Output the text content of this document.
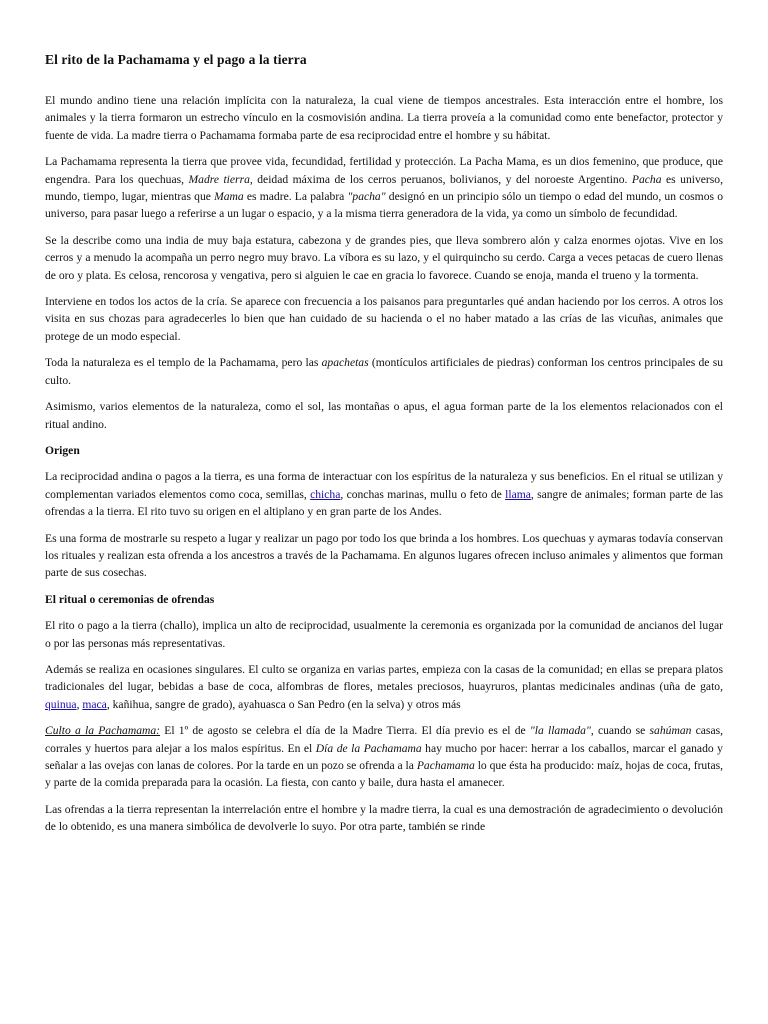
El rito de la Pachamama y el pago a la tierra

El mundo andino tiene una relación implícita con la naturaleza, la cual viene de tiempos ancestrales. Esta interacción entre el hombre, los animales y la tierra formaron un estrecho vínculo en la cosmovisión andina. La tierra proveía a la comunidad como ente benefactor, protector y fuente de vida. La madre tierra o Pachamama formaba parte de esa reciprocidad entre el hombre y su hábitat.

La Pachamama representa la tierra que provee vida, fecundidad, fertilidad y protección. La Pacha Mama, es un dios femenino, que produce, que engendra. Para los quechuas, Madre tierra, deidad máxima de los cerros peruanos, bolivianos, y del noroeste Argentino. Pacha es universo, mundo, tiempo, lugar, mientras que Mama es madre. La palabra "pacha" designó en un principio sólo un tiempo o edad del mundo, un cosmos o universo, para pasar luego a referirse a un lugar o espacio, y a la misma tierra generadora de la vida, ya como un símbolo de fecundidad.

Se la describe como una india de muy baja estatura, cabezona y de grandes pies, que lleva sombrero alón y calza enormes ojotas. Vive en los cerros y a menudo la acompaña un perro negro muy bravo. La víbora es su lazo, y el quirquincho su cerdo. Carga a veces petacas de cuero llenas de oro y plata. Es celosa, rencorosa y vengativa, pero si alguien le cae en gracia lo favorece. Cuando se enoja, manda el trueno y la tormenta.

Interviene en todos los actos de la cría. Se aparece con frecuencia a los paisanos para preguntarles qué andan haciendo por los cerros. A otros los visita en sus chozas para agradecerles lo bien que han cuidado de su hacienda o el no haber matado a las crías de las vicuñas, animales que protege de un modo especial.

Toda la naturaleza es el templo de la Pachamama, pero las apachetas (montículos artificiales de piedras) conforman los centros principales de su culto.

Asimismo, varios elementos de la naturaleza, como el sol, las montañas o apus, el agua forman parte de la los elementos relacionados con el ritual andino.

Origen

La reciprocidad andina o pagos a la tierra, es una forma de interactuar con los espíritus de la naturaleza y sus beneficios. En el ritual se utilizan y complementan variados elementos como coca, semillas, chicha, conchas marinas, mullu o feto de llama, sangre de animales; forman parte de las ofrendas a la tierra. El rito tuvo su origen en el altiplano y en gran parte de los Andes.

Es una forma de mostrarle su respeto a lugar y realizar un pago por todo los que brinda a los hombres. Los quechuas y aymaras todavía conservan los rituales y realizan esta ofrenda a los ancestros a través de la Pachamama. En algunos lugares ofrecen incluso animales y alimentos que forman parte de sus cosechas.

El ritual o ceremonias de ofrendas

El rito o pago a la tierra (challo), implica un alto de reciprocidad, usualmente la ceremonia es organizada por la comunidad de ancianos del lugar o por las personas más representativas.

Además se realiza en ocasiones singulares. El culto se organiza en varias partes, empieza con la casas de la comunidad; en ellas se prepara platos tradicionales del lugar, bebidas a base de coca, alfombras de flores, metales preciosos, huayruros, plantas medicinales andinas (uña de gato, quinua, maca, kañihua, sangre de grado), ayahuasca o San Pedro (en la selva) y otros más

Culto a la Pachamama: El 1º de agosto se celebra el día de la Madre Tierra. El día previo es el de "la llamada", cuando se sahúman casas, corrales y huertos para alejar a los malos espíritus. En el Día de la Pachamama hay mucho por hacer: herrar a los caballos, marcar el ganado y señalar a las ovejas con lanas de colores. Por la tarde en un pozo se ofrenda a la Pachamama lo que ésta ha producido: maíz, hojas de coca, frutas, y parte de la comida preparada para la ocasión. La fiesta, con canto y baile, dura hasta el amanecer.

Las ofrendas a la tierra representan la interrelación entre el hombre y la madre tierra, la cual es una demostración de agradecimiento o devolución de lo obtenido, es una manera simbólica de devolverle lo suyo. Por otra parte, también se rinde
